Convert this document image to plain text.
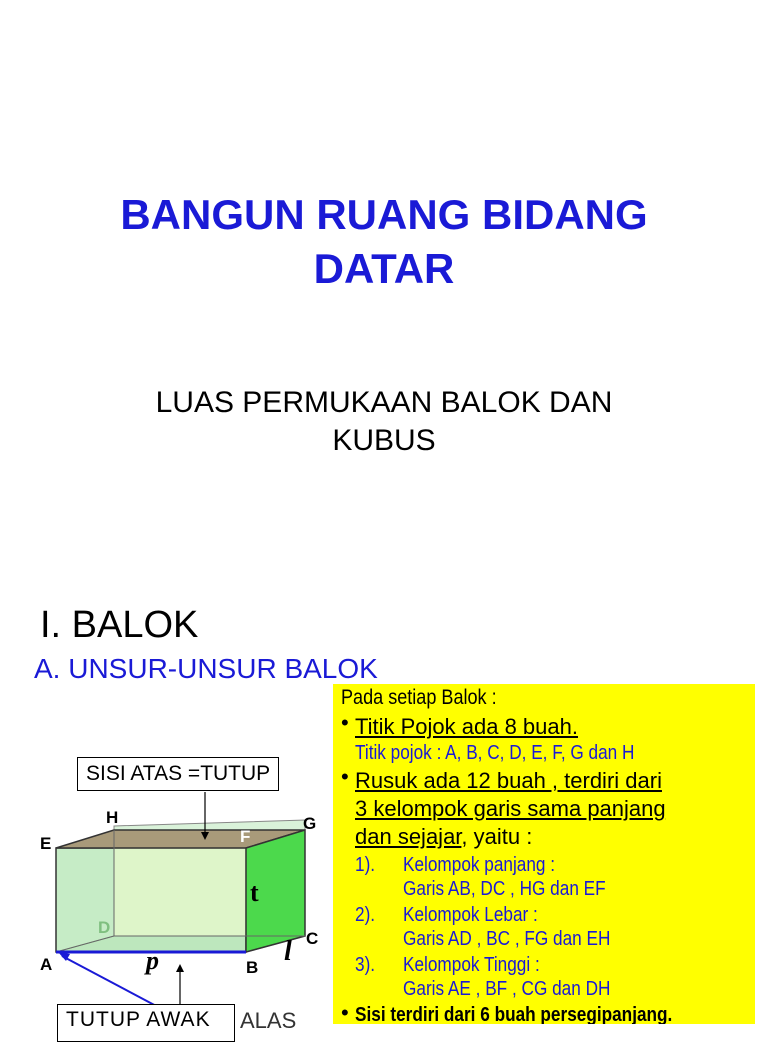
BANGUN RUANG BIDANG
DATAR
LUAS PERMUKAAN BALOK DAN
KUBUS
I. BALOK
A. UNSUR-UNSUR BALOK
H
E	F
G
D
C
A	B
p	l
t
SISI ATAS =TUTUP
TUTUP AWAK	ALAS
Pada setiap Balok :
• Titik Pojok ada 8 buah.
Titik pojok : A, B, C, D, E, F, G dan H
• Rusuk ada 12 buah , terdiri dari
3 kelompok garis sama panjang
dan sejajar, yaitu :
1). Kelompok panjang :
Garis AB, DC , HG dan EF
2). Kelompok Lebar :
Garis AD , BC , FG dan EH
3). Kelompok Tinggi :
Garis AE , BF , CG dan DH
• Sisi terdiri dari 6 buah persegipanjang.
